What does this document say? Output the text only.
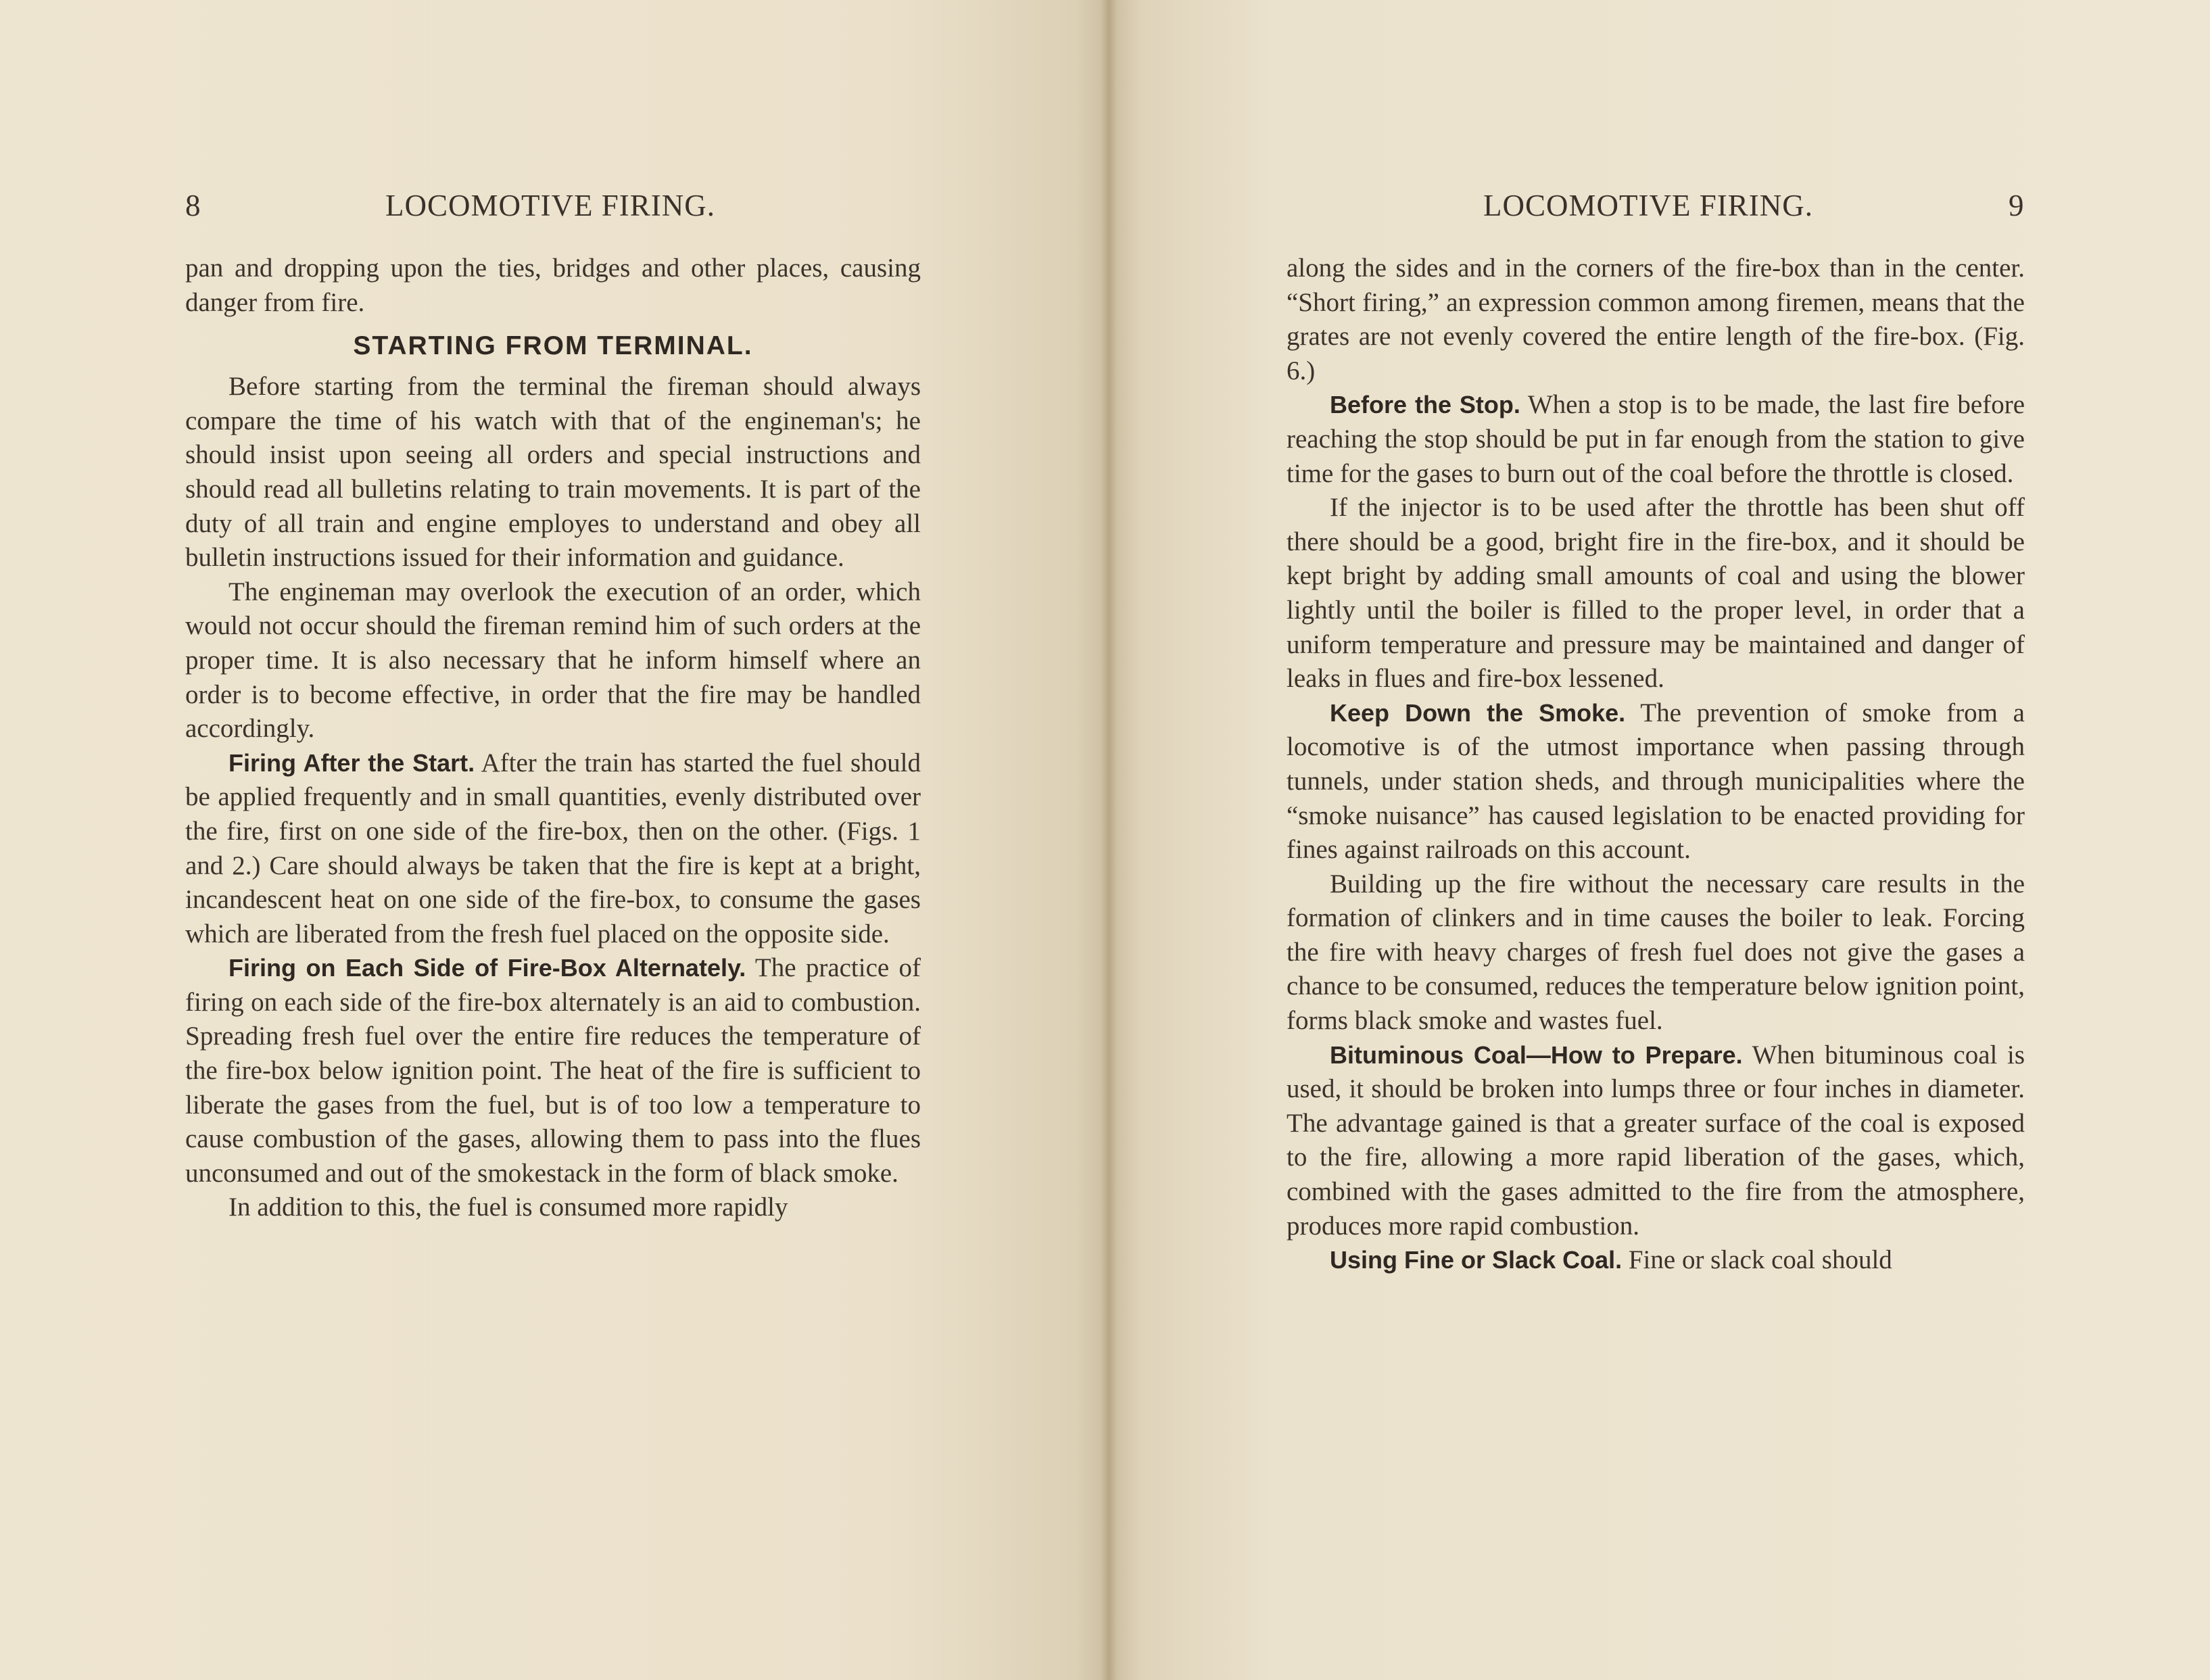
8	LOCOMOTIVE FIRING.

pan and dropping upon the ties, bridges and other places, causing danger from fire.

STARTING FROM TERMINAL.

Before starting from the terminal the fireman should always compare the time of his watch with that of the engineman's; he should insist upon seeing all orders and special instructions and should read all bulletins relating to train movements. It is part of the duty of all train and engine employes to understand and obey all bulletin instructions issued for their information and guidance.

The engineman may overlook the execution of an order, which would not occur should the fireman remind him of such orders at the proper time. It is also necessary that he inform himself where an order is to become effective, in order that the fire may be handled accordingly.

Firing After the Start. After the train has started the fuel should be applied frequently and in small quantities, evenly distributed over the fire, first on one side of the fire-box, then on the other. (Figs. 1 and 2.) Care should always be taken that the fire is kept at a bright, incandescent heat on one side of the fire-box, to consume the gases which are liberated from the fresh fuel placed on the opposite side.

Firing on Each Side of Fire-Box Alternately. The practice of firing on each side of the fire-box alternately is an aid to combustion. Spreading fresh fuel over the entire fire reduces the temperature of the fire-box below ignition point. The heat of the fire is sufficient to liberate the gases from the fuel, but is of too low a temperature to cause combustion of the gases, allowing them to pass into the flues unconsumed and out of the smokestack in the form of black smoke.

In addition to this, the fuel is consumed more rapidly

LOCOMOTIVE FIRING.	9

along the sides and in the corners of the fire-box than in the center. “Short firing,” an expression common among firemen, means that the grates are not evenly covered the entire length of the fire-box. (Fig. 6.)

Before the Stop. When a stop is to be made, the last fire before reaching the stop should be put in far enough from the station to give time for the gases to burn out of the coal before the throttle is closed.

If the injector is to be used after the throttle has been shut off there should be a good, bright fire in the fire-box, and it should be kept bright by adding small amounts of coal and using the blower lightly until the boiler is filled to the proper level, in order that a uniform temperature and pressure may be maintained and danger of leaks in flues and fire-box lessened.

Keep Down the Smoke. The prevention of smoke from a locomotive is of the utmost importance when passing through tunnels, under station sheds, and through municipalities where the “smoke nuisance” has caused legislation to be enacted providing for fines against railroads on this account.

Building up the fire without the necessary care results in the formation of clinkers and in time causes the boiler to leak. Forcing the fire with heavy charges of fresh fuel does not give the gases a chance to be consumed, reduces the temperature below ignition point, forms black smoke and wastes fuel.

Bituminous Coal—How to Prepare. When bituminous coal is used, it should be broken into lumps three or four inches in diameter. The advantage gained is that a greater surface of the coal is exposed to the fire, allowing a more rapid liberation of the gases, which, combined with the gases admitted to the fire from the atmosphere, produces more rapid combustion.

Using Fine or Slack Coal. Fine or slack coal should
